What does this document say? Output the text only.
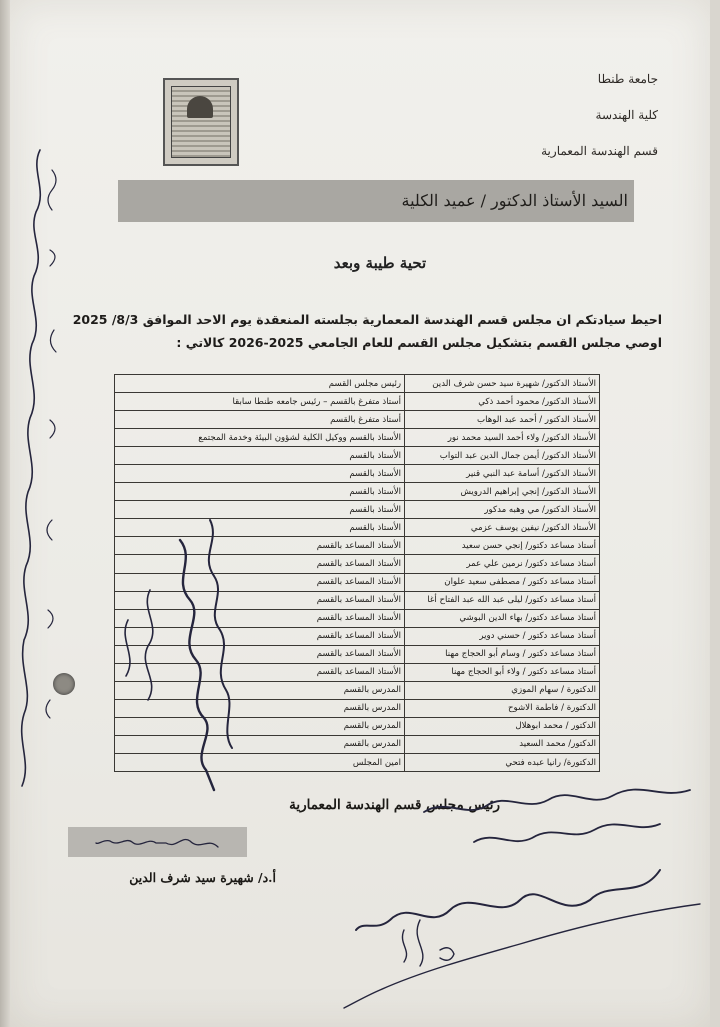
جامعة طنطا
كلية الهندسة
قسم الهندسة المعمارية
السيد الأستاذ الدكتور / عميد الكلية
تحية طيبة وبعد
احيط سيادتكم ان مجلس قسم الهندسة المعمارية بجلسته المنعقدة يوم الاحد الموافق 8/3/ 2025
اوصي مجلس القسم بتشكيل مجلس القسم للعام الجامعي 2025-2026 كالاتي :
الأستاذ الدكتور/ شهيرة سيد حسن شرف الدين	رئيس مجلس القسم
الأستاذ الدكتور/ محمود أحمد ذكي	أستاذ متفرغ بالقسم – رئيس جامعه طنطا سابقا
الأستاذ الدكتور / أحمد عبد الوهاب	أستاذ متفرغ بالقسم
الأستاذ الدكتور/ ولاء أحمد السيد محمد نور	الأستاذ بالقسم ووكيل الكلية لشؤون البيئة وخدمة المجتمع
الأستاذ الدكتور/ أيمن جمال الدين عبد التواب	الأستاذ بالقسم
الأستاذ الدكتور/ أسامة عبد النبي قنير	الأستاذ بالقسم
الأستاذ الدكتور/ إنجي إبراهيم الدرويش	الأستاذ بالقسم
الأستاذ الدكتور/ مي وهبه مدكور	الأستاذ بالقسم
الأستاذ الدكتور/ نيفين يوسف عزمي	الأستاذ بالقسم
أستاذ مساعد دكتور/ إنجي حسن سعيد	الأستاذ المساعد بالقسم
أستاذ مساعد دكتور/ نرمين علي عمر	الأستاذ المساعد بالقسم
أستاذ مساعد دكتور / مصطفى سعيد علوان	الأستاذ المساعد بالقسم
أستاذ مساعد دكتور/ ليلى عبد الله عبد الفتاح أغا	الأستاذ المساعد بالقسم
أستاذ مساعد دكتور/ بهاء الدين البوشي	الأستاذ المساعد بالقسم
أستاذ مساعد دكتور / حسني دوير	الأستاذ المساعد بالقسم
أستاذ مساعد دكتور / وسام أبو الحجاج مهنا	الأستاذ المساعد بالقسم
أستاذ مساعد دكتور / ولاء أبو الحجاج مهنا	الأستاذ المساعد بالقسم
الدكتورة / سهام الموزي	المدرس بالقسم
الدكتورة / فاطمة الاشوح	المدرس بالقسم
الدكتور / محمد ابوهلال	المدرس بالقسم
الدكتور/ محمد السعيد	المدرس بالقسم
الدكتورة/ رانيا عبده فتحي	امين المجلس
رئيس مجلس قسم الهندسة المعمارية
أ.د/ شهيرة سيد شرف الدين
